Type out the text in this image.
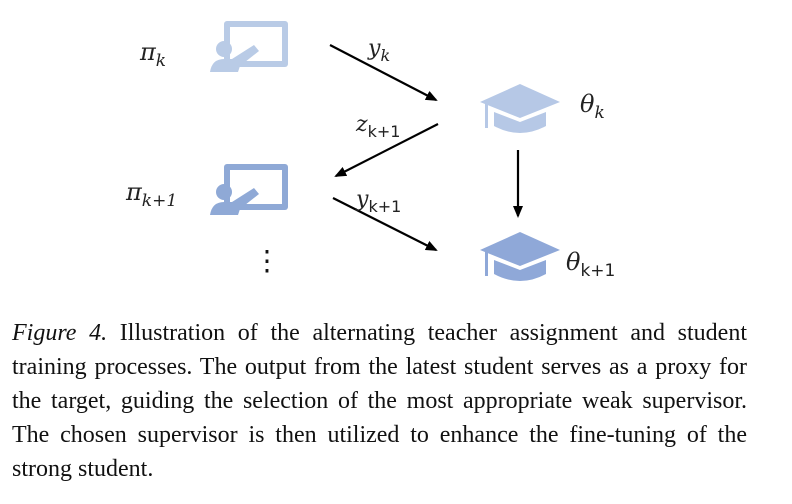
$\pi_k$
$\pi_{k+1}$
⋮
$y_k$
$z_{k+1}$
$y_{k+1}$
$\theta_k$
$\theta_{k+1}$
Figure 4. Illustration of the alternating teacher assignment and student training processes. The output from the latest student serves as a proxy for the target, guiding the selection of the most appropriate weak supervisor. The chosen supervisor is then utilized to enhance the fine-tuning of the strong student.
